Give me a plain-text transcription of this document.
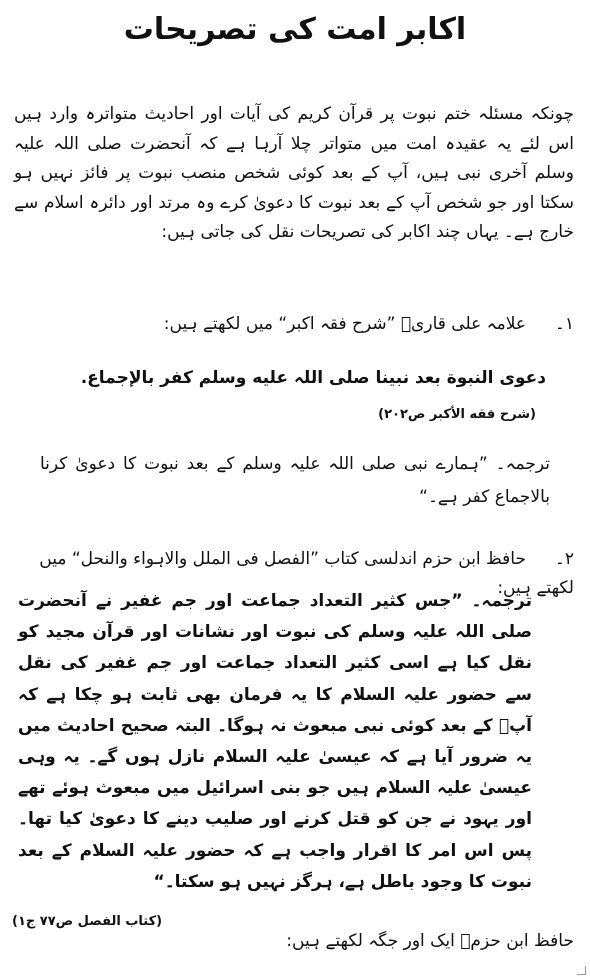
اکابر امت کی تصریحات
چونکہ مسئلہ ختم نبوت پر قرآن کریم کی آیات اور احادیث متواترہ وارد ہیں اس لئے یہ عقیدہ امت میں متواتر چلا آرہا ہے کہ آنحضرت صلی اللہ علیہ وسلم آخری نبی ہیں، آپ کے بعد کوئی شخص منصب نبوت پر فائز نہیں ہو سکتا اور جو شخص آپ کے بعد نبوت کا دعویٰ کرے وہ مرتد اور دائرہ اسلام سے خارج ہے۔ یہاں چند اکابر کی تصریحات نقل کی جاتی ہیں:
۱۔علامہ علی قاریؒ ”شرح فقہ اکبر“ میں لکھتے ہیں:
دعوی النبوة بعد نبینا صلی اللہ علیه وسلم کفر بالإجماع.
(شرح فقه الأکبر ص۲۰۲)
ترجمہ۔ ”ہمارے نبی صلی اللہ علیہ وسلم کے بعد نبوت کا دعویٰ کرنا بالاجماع کفر ہے۔“
۲۔حافظ ابن حزم اندلسی کتاب ”الفصل فی الملل والاہواء والنحل“ میں لکھتے ہیں:
ترجمہ۔ ”جس کثیر التعداد جماعت اور جم غفیر نے آنحضرت صلی اللہ علیہ وسلم کی نبوت اور نشانات اور قرآن مجید کو نقل کیا ہے اسی کثیر التعداد جماعت اور جم غفیر کی نقل سے حضور علیہ السلام کا یہ فرمان بھی ثابت ہو چکا ہے کہ آپؐ کے بعد کوئی نبی مبعوث نہ ہوگا۔ البتہ صحیح احادیث میں یہ ضرور آیا ہے کہ عیسیٰ علیہ السلام نازل ہوں گے۔ یہ وہی عیسیٰ علیہ السلام ہیں جو بنی اسرائیل میں مبعوث ہوئے تھے اور یہود نے جن کو قتل کرنے اور صلیب دینے کا دعویٰ کیا تھا۔ پس اس امر کا اقرار واجب ہے کہ حضور علیہ السلام کے بعد نبوت کا وجود باطل ہے، ہرگز نہیں ہو سکتا۔“
(کتاب الفصل ص۷۷ ج۱)
حافظ ابن حزمؒ ایک اور جگہ لکھتے ہیں:
